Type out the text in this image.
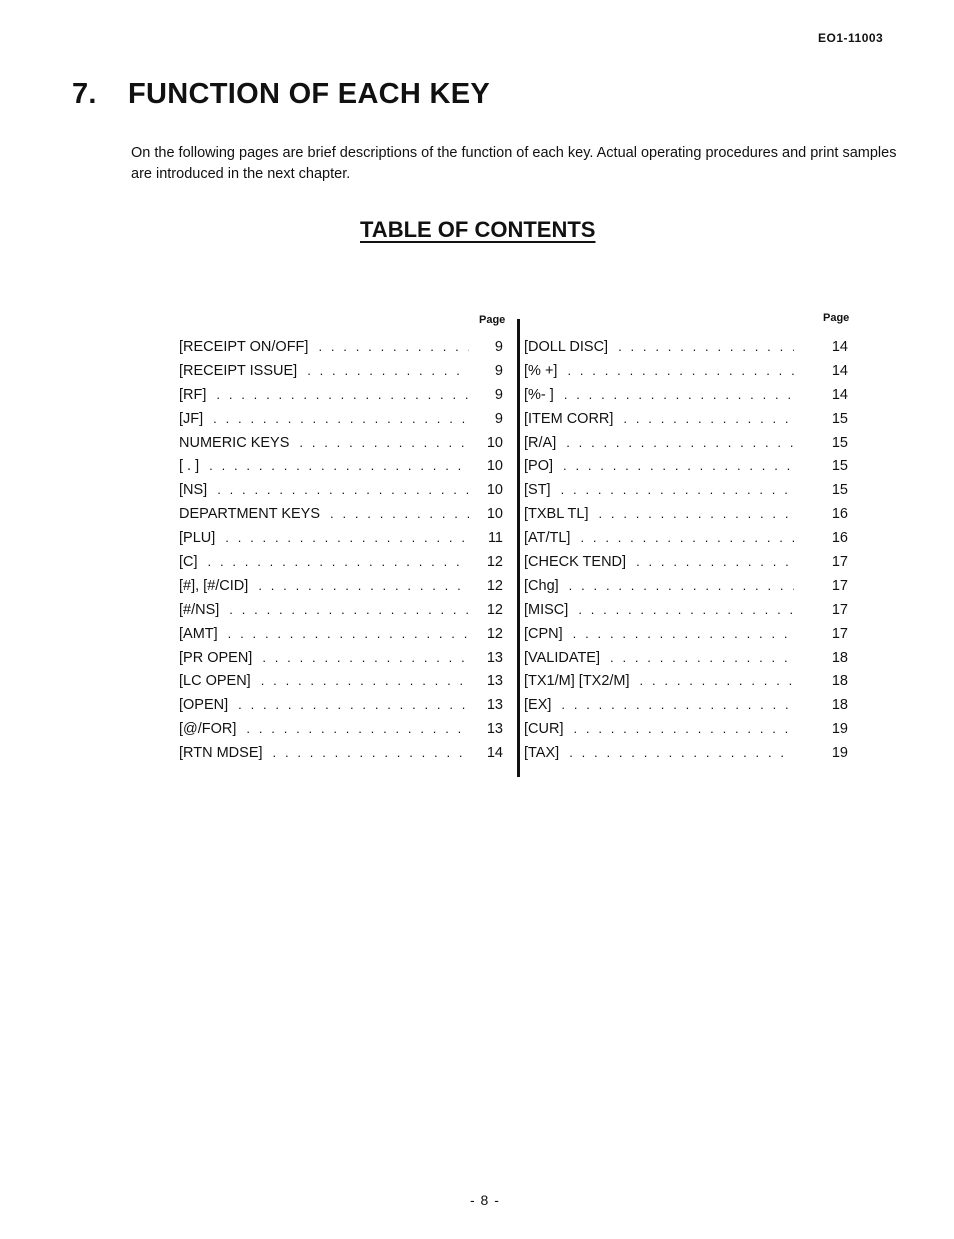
EO1-11003
7. FUNCTION OF EACH KEY
On the following pages are brief descriptions of the function of each key. Actual operating procedures and print samples are introduced in the next chapter.
TABLE OF CONTENTS
Page	Page
[RECEIPT ON/OFF] . . .	9
[RECEIPT ISSUE] . . .	9
[RF] . . .	9
[JF] . . .	9
NUMERIC KEYS . . .	10
[ . ] . . .	10
[NS] . . .	10
DEPARTMENT KEYS . . .	10
[PLU] . . .	11
[C] . . .	12
[#], [#/CID] . . .	12
[#/NS] . . .	12
[AMT] . . .	12
[PR OPEN] . . .	13
[LC OPEN] . . .	13
[OPEN] . . .	13
[@/FOR] . . .	13
[RTN MDSE] . . .	14
[DOLL DISC] . . .	14
[% +] . . .	14
[%- ] . . .	14
[ITEM CORR] . . .	15
[R/A] . . .	15
[PO] . . .	15
[ST] . . .	15
[TXBL TL] . . .	16
[AT/TL] . . .	16
[CHECK TEND] . . .	17
[Chg] . . .	17
[MISC] . . .	17
[CPN] . . .	17
[VALIDATE] . . .	18
[TX1/M] [TX2/M] . . .	18
[EX] . . .	18
[CUR] . . .	19
[TAX] . . .	19
- 8 -
